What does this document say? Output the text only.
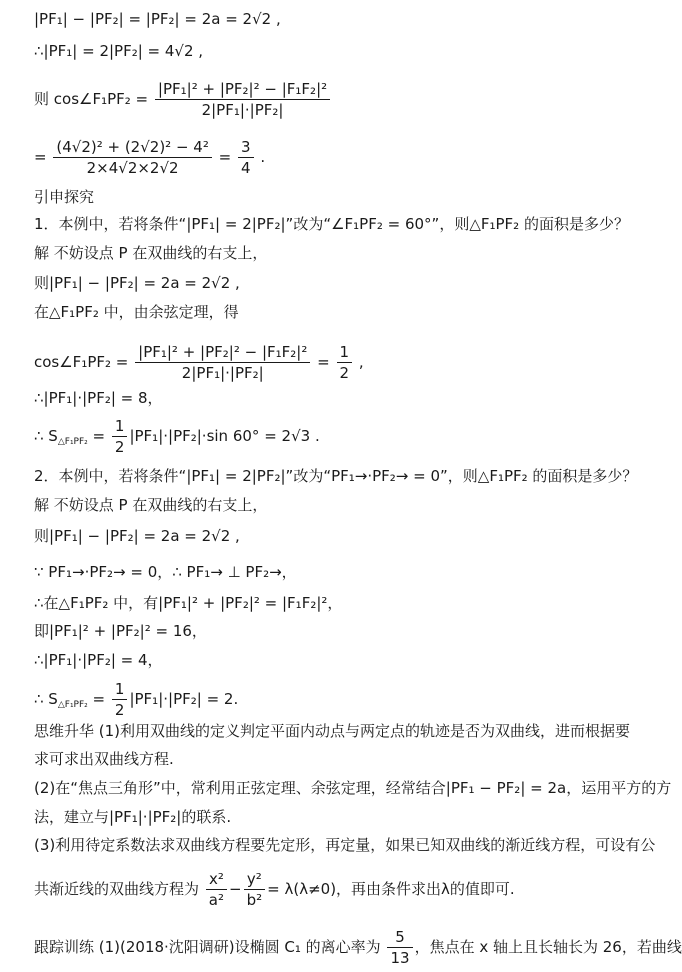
|PF₁| − |PF₂| = |PF₂| = 2a = 2√2 ,
∴|PF₁| = 2|PF₂| = 4√2 ,
则 cos∠F₁PF₂ = $\frac{\text{|PF₁|² + |PF₂|² − |F₁F₂|²}}{\text{2|PF₁|·|PF₂|}}$
= $\frac{\text{(4√2)² + (2√2)² − 4²}}{2\times 4√2\times 2√2} = \frac{3}{4}$ .
引申探究
1．本例中，若将条件“|PF₁| = 2|PF₂|”改为“∠F₁PF₂ = 60°”，则△F₁PF₂ 的面积是多少？
解 不妨设点 P 在双曲线的右支上，
则|PF₁| − |PF₂| = 2a = 2√2 ,
在△F₁PF₂ 中，由余弦定理，得
cos∠F₁PF₂ = $\frac{\text{|PF₁|² + |PF₂|² − |F₁F₂|²}}{\text{2|PF₁|·|PF₂|}} = \frac{1}{2}$ ,
∴|PF₁|·|PF₂| = 8，
∴ S△F₁PF₂ = $\frac{1}{2} |PF_1|\cdot|PF_2|\cdot\sin$ 60° = 2√3 .
2．本例中，若将条件“|PF₁| = 2|PF₂|”改为“PF₁→·PF₂→ = 0”，则△F₁PF₂ 的面积是多少？
解 不妨设点 P 在双曲线的右支上，
则|PF₁| − |PF₂| = 2a = 2√2 ,
∵ PF₁→·PF₂→ = 0，∴ PF₁→ ⊥ PF₂→，
∴在△F₁PF₂ 中，有|PF₁|² + |PF₂|² = |F₁F₂|²，
即|PF₁|² + |PF₂|² = 16，
∴|PF₁|·|PF₂| = 4，
∴ S△F₁PF₂ = $\frac{1}{2} |PF_1|\cdot|PF_2| = 2$.
思维升华 (1)利用双曲线的定义判定平面内动点与两定点的轨迹是否为双曲线，进而根据要
求可求出双曲线方程.
(2)在“焦点三角形”中，常利用正弦定理、余弦定理，经常结合|PF₁ − PF₂| = 2a，运用平方的方
法，建立与|PF₁|·|PF₂|的联系.
(3)利用待定系数法求双曲线方程要先定形，再定量，如果已知双曲线的渐近线方程，可设有公
共渐近线的双曲线方程为 $\frac{\text{x²}}{\text{a²}} - \frac{\text{y²}}{\text{b²}} = \lambda(\lambda\ne 0)$，再由条件求出λ的值即可.
跟踪训练 (1)(2018·沈阳调研)设椭圆 C₁ 的离心率为 $\frac{5}{13}$ ，焦点在 x 轴上且长轴长为 26，若曲线
